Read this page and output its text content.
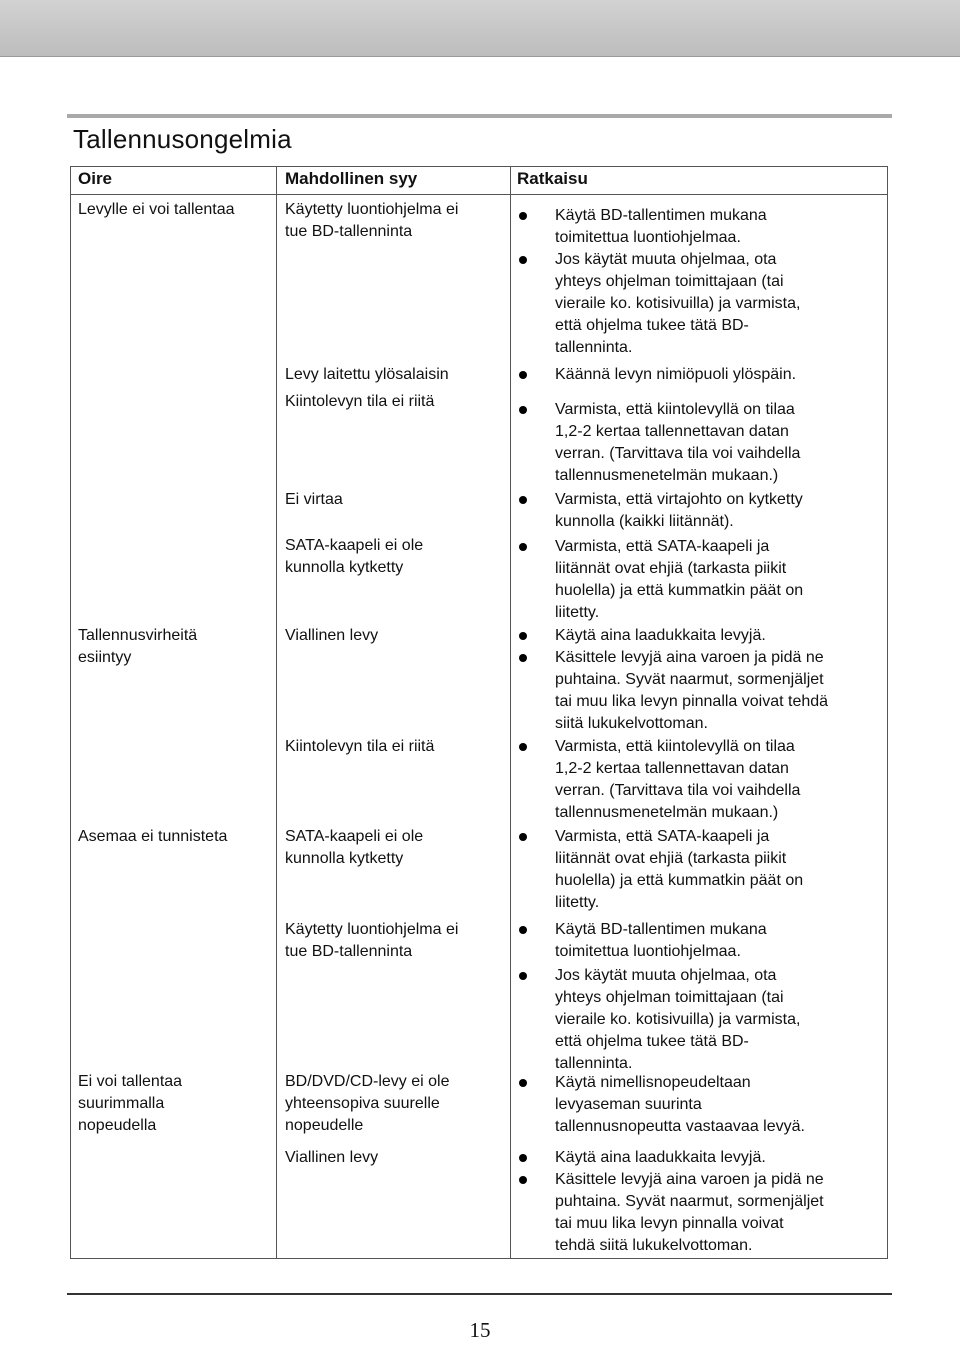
Tallennusongelmia
Oire	Mahdollinen syy	Ratkaisu
Levylle ei voi tallentaa
Tallennusvirheitä
esiintyy
Asemaa ei tunnisteta
Ei voi tallentaa
suurimmalla
nopeudella
Käytetty luontiohjelma ei
tue BD-tallenninta
Levy laitettu ylösalaisin
Kiintolevyn tila ei riitä
Ei virtaa
SATA-kaapeli ei ole
kunnolla kytketty
Viallinen levy
Kiintolevyn tila ei riitä
SATA-kaapeli ei ole
kunnolla kytketty
Käytetty luontiohjelma ei
tue BD-tallenninta
BD/DVD/CD-levy ei ole
yhteensopiva suurelle
nopeudelle
Viallinen levy
Käytä BD-tallentimen mukana
toimitettua luontiohjelmaa.
Jos käytät muuta ohjelmaa, ota
yhteys ohjelman toimittajaan (tai
vieraile ko. kotisivuilla) ja varmista,
että ohjelma tukee tätä BD-
tallenninta.
Käännä levyn nimiöpuoli ylöspäin.
Varmista, että kiintolevyllä on tilaa
1,2-2 kertaa tallennettavan datan
verran. (Tarvittava tila voi vaihdella
tallennusmenetelmän mukaan.)
Varmista, että virtajohto on kytketty
kunnolla (kaikki liitännät).
Varmista, että SATA-kaapeli ja
liitännät ovat ehjiä (tarkasta piikit
huolella) ja että kummatkin päät on
liitetty.
Käytä aina laadukkaita levyjä.
Käsittele levyjä aina varoen ja pidä ne
puhtaina. Syvät naarmut, sormenjäljet
tai muu lika levyn pinnalla voivat tehdä
siitä lukukelvottoman.
Varmista, että kiintolevyllä on tilaa
1,2-2 kertaa tallennettavan datan
verran. (Tarvittava tila voi vaihdella
tallennusmenetelmän mukaan.)
Varmista, että SATA-kaapeli ja
liitännät ovat ehjiä (tarkasta piikit
huolella) ja että kummatkin päät on
liitetty.
Käytä BD-tallentimen mukana
toimitettua luontiohjelmaa.
Jos käytät muuta ohjelmaa, ota
yhteys ohjelman toimittajaan (tai
vieraile ko. kotisivuilla) ja varmista,
että ohjelma tukee tätä BD-
tallenninta.
Käytä nimellisnopeudeltaan
levyaseman suurinta
tallennusnopeutta vastaavaa levyä.
Käytä aina laadukkaita levyjä.
Käsittele levyjä aina varoen ja pidä ne
puhtaina. Syvät naarmut, sormenjäljet
tai muu lika levyn pinnalla voivat
tehdä siitä lukukelvottoman.
15
